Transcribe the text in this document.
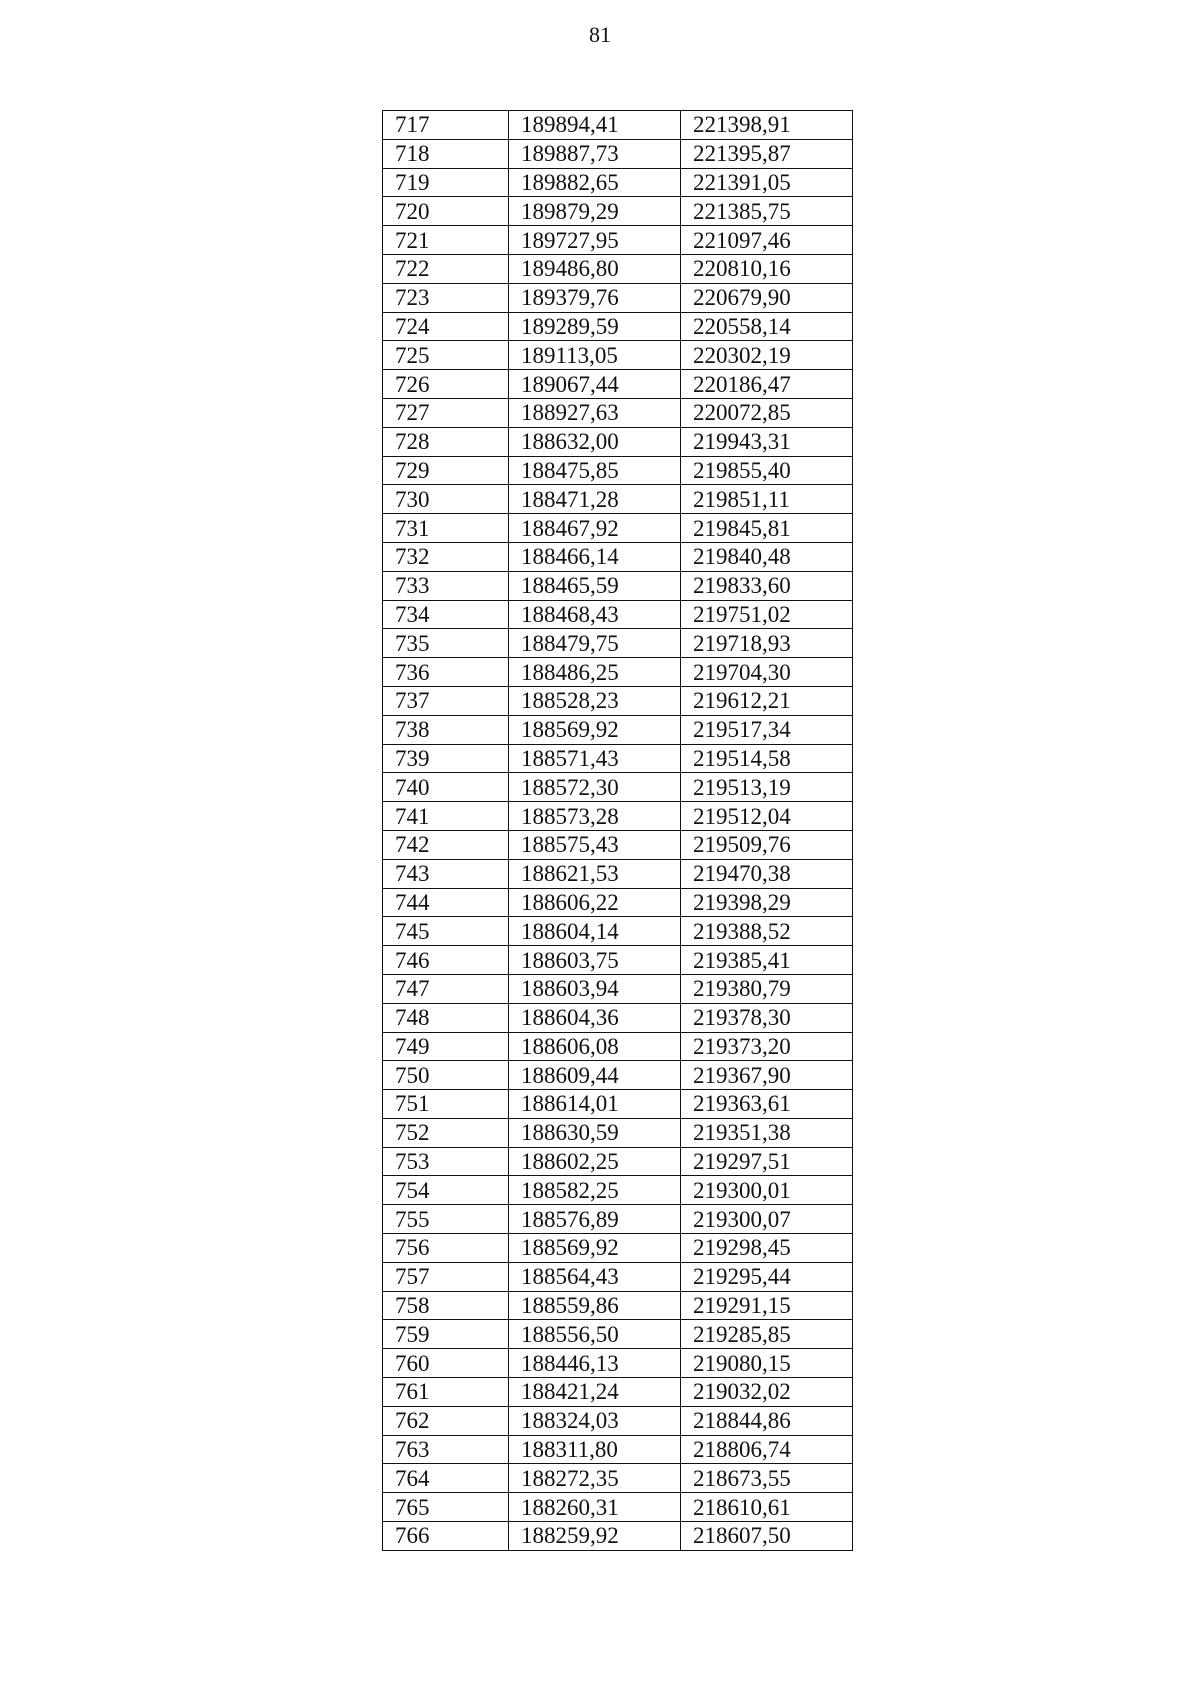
81
717	189894,41	221398,91
718	189887,73	221395,87
719	189882,65	221391,05
720	189879,29	221385,75
721	189727,95	221097,46
722	189486,80	220810,16
723	189379,76	220679,90
724	189289,59	220558,14
725	189113,05	220302,19
726	189067,44	220186,47
727	188927,63	220072,85
728	188632,00	219943,31
729	188475,85	219855,40
730	188471,28	219851,11
731	188467,92	219845,81
732	188466,14	219840,48
733	188465,59	219833,60
734	188468,43	219751,02
735	188479,75	219718,93
736	188486,25	219704,30
737	188528,23	219612,21
738	188569,92	219517,34
739	188571,43	219514,58
740	188572,30	219513,19
741	188573,28	219512,04
742	188575,43	219509,76
743	188621,53	219470,38
744	188606,22	219398,29
745	188604,14	219388,52
746	188603,75	219385,41
747	188603,94	219380,79
748	188604,36	219378,30
749	188606,08	219373,20
750	188609,44	219367,90
751	188614,01	219363,61
752	188630,59	219351,38
753	188602,25	219297,51
754	188582,25	219300,01
755	188576,89	219300,07
756	188569,92	219298,45
757	188564,43	219295,44
758	188559,86	219291,15
759	188556,50	219285,85
760	188446,13	219080,15
761	188421,24	219032,02
762	188324,03	218844,86
763	188311,80	218806,74
764	188272,35	218673,55
765	188260,31	218610,61
766	188259,92	218607,50
